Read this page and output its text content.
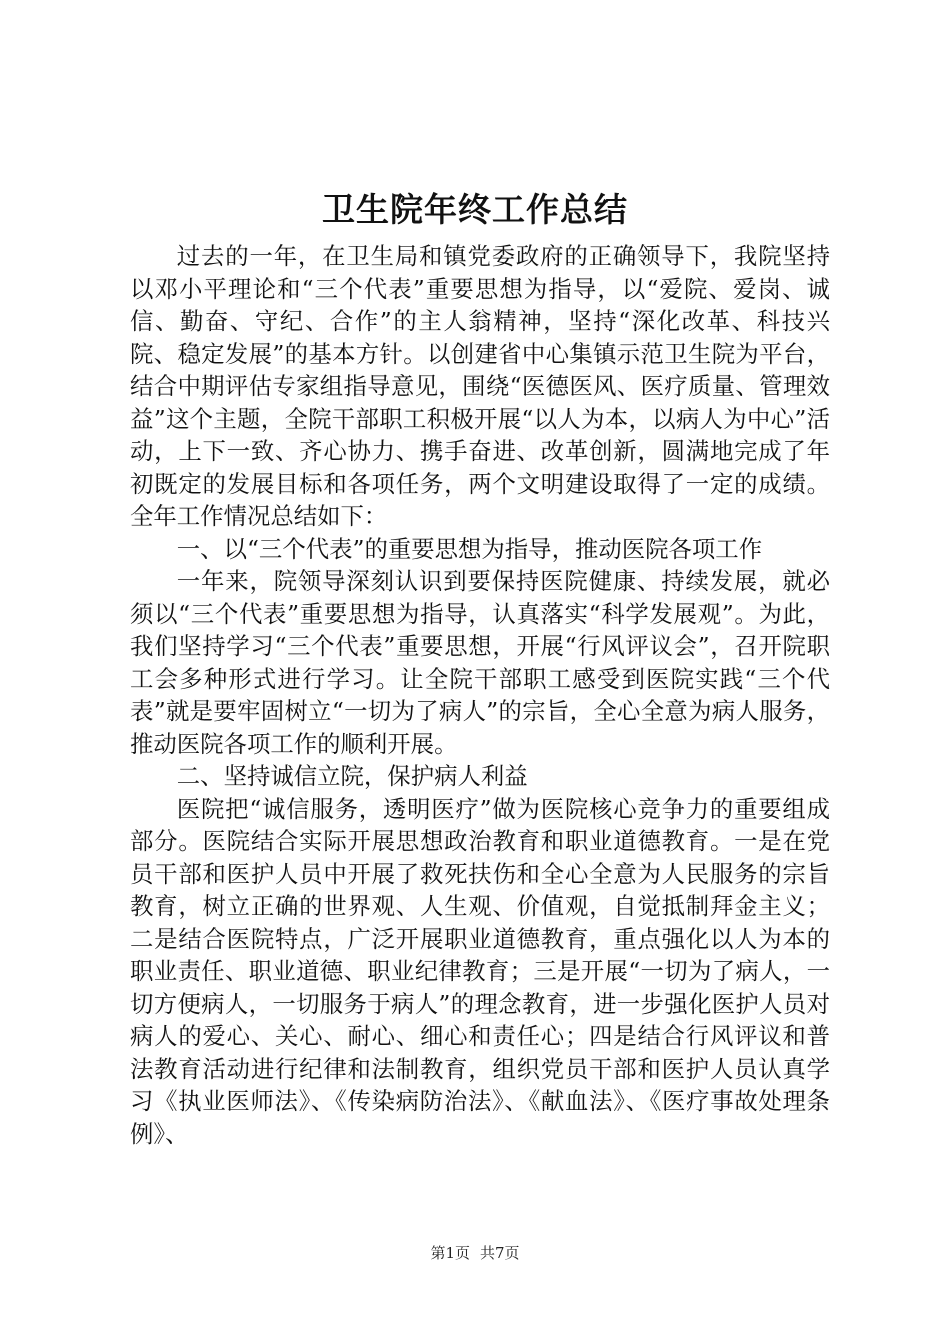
卫生院年终工作总结

过去的一年，在卫生局和镇党委政府的正确领导下，我院坚持以邓小平理论和“三个代表”重要思想为指导，以“爱院、爱岗、诚信、勤奋、守纪、合作”的主人翁精神，坚持“深化改革、科技兴院、稳定发展”的基本方针。以创建省中心集镇示范卫生院为平台，结合中期评估专家组指导意见，围绕“医德医风、医疗质量、管理效益”这个主题，全院干部职工积极开展“以人为本，以病人为中心”活动，上下一致、齐心协力、携手奋进、改革创新，圆满地完成了年初既定的发展目标和各项任务，两个文明建设取得了一定的成绩。全年工作情况总结如下：

一、以“三个代表”的重要思想为指导，推动医院各项工作

一年来，院领导深刻认识到要保持医院健康、持续发展，就必须以“三个代表”重要思想为指导，认真落实“科学发展观”。为此，我们坚持学习“三个代表”重要思想，开展“行风评议会”，召开院职工会多种形式进行学习。让全院干部职工感受到医院实践“三个代表”就是要牢固树立“一切为了病人”的宗旨，全心全意为病人服务，推动医院各项工作的顺利开展。

二、坚持诚信立院，保护病人利益

医院把“诚信服务，透明医疗”做为医院核心竞争力的重要组成部分。医院结合实际开展思想政治教育和职业道德教育。一是在党员干部和医护人员中开展了救死扶伤和全心全意为人民服务的宗旨教育，树立正确的世界观、人生观、价值观，自觉抵制拜金主义；二是结合医院特点，广泛开展职业道德教育，重点强化以人为本的职业责任、职业道德、职业纪律教育；三是开展“一切为了病人，一切方便病人，一切服务于病人”的理念教育，进一步强化医护人员对病人的爱心、关心、耐心、细心和责任心；四是结合行风评议和普法教育活动进行纪律和法制教育，组织党员干部和医护人员认真学习《执业医师法》、《传染病防治法》、《献血法》、《医疗事故处理条例》、

第1页 共7页
